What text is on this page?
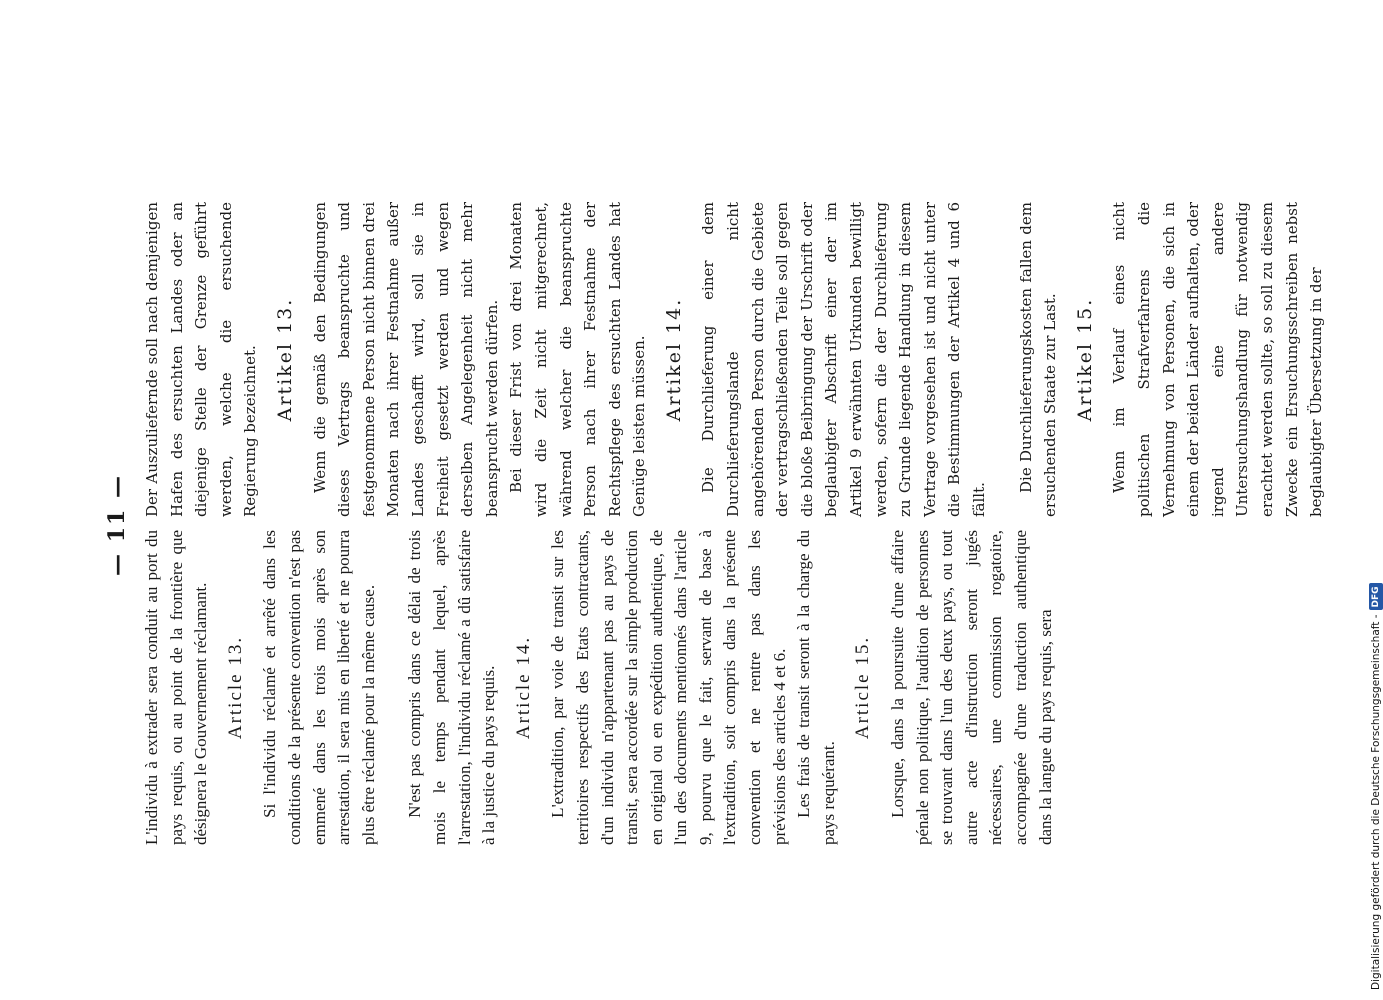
— 11 —

L'individu à extrader sera conduit au port du pays requis, ou au point de la frontière que désignera le Gouvernement réclamant. Article 13. Si l'individu réclamé et arrêté dans les conditions de la présente convention n'est pas emmené dans les trois mois après son arrestation, il sera mis en liberté et ne pourra plus être réclamé pour la même cause. N'est pas compris dans ce délai de trois mois le temps pendant lequel, après l'arrestation, l'individu réclamé a dû satisfaire à la justice du pays requis. Article 14. L'extradition, par voie de transit sur les territoires respectifs des Etats contractants, d'un individu n'appartenant pas au pays de transit, sera accordée sur la simple production en original ou en expédition authentique, de l'un des documents mentionnés dans l'article 9, pourvu que le fait, servant de base à l'extradition, soit compris dans la présente convention et ne rentre pas dans les prévisions des articles 4 et 6. Les frais de transit seront à la charge du pays requérant.

Article 15. Lorsque, dans la poursuite d'une affaire pénale non politique, l'audition de personnes se trouvant dans l'un des deux pays, ou tout autre acte d'instruction seront jugés nécessaires, une commission rogatoire, accompagnée d'une traduction authentique dans la langue du pays requis, sera

Der Auszuliefernde soll nach demjenigen Hafen des ersuchten Landes oder an diejenige Stelle der Grenze geführt werden, welche die ersuchende Regierung bezeichnet. Artikel 13. Wenn die gemäß den Bedingungen dieses Vertrags beanspruchte und festgenommene Person nicht binnen drei Monaten nach ihrer Festnahme außer Landes geschafft wird, soll sie in Freiheit gesetzt werden und wegen derselben Angelegenheit nicht mehr beansprucht werden dürfen. Bei dieser Frist von drei Monaten wird die Zeit nicht mitgerechnet, während welcher die beanspruchte Person nach ihrer Festnahme der Rechtspflege des ersuchten Landes hat Genüge leisten müssen. Artikel 14. Die Durchlieferung einer dem Durchlieferungslande nicht angehörenden Person durch die Gebiete der vertragschließenden Teile soll gegen die bloße Beibringung der Urschrift oder beglaubigter Abschrift einer der im Artikel 9 erwähnten Urkunden bewilligt werden, sofern die der Durchlieferung zu Grunde liegende Handlung in diesem Vertrage vorgesehen ist und nicht unter die Bestimmungen der Artikel 4 und 6 fällt.

Die Durchlieferungskosten fallen dem ersuchenden Staate zur Last. Artikel 15. Wenn im Verlauf eines nicht politischen Strafverfahrens die Vernehmung von Personen, die sich in einem der beiden Länder aufhalten, oder irgend eine andere Untersuchungshandlung für notwendig erachtet werden sollte, so soll zu diesem Zwecke ein Ersuchungsschreiben nebst beglaubigter Übersetzung in der

Digitalisierung gefördert durch die Deutsche Forschungsgemeinschaft -DFG
